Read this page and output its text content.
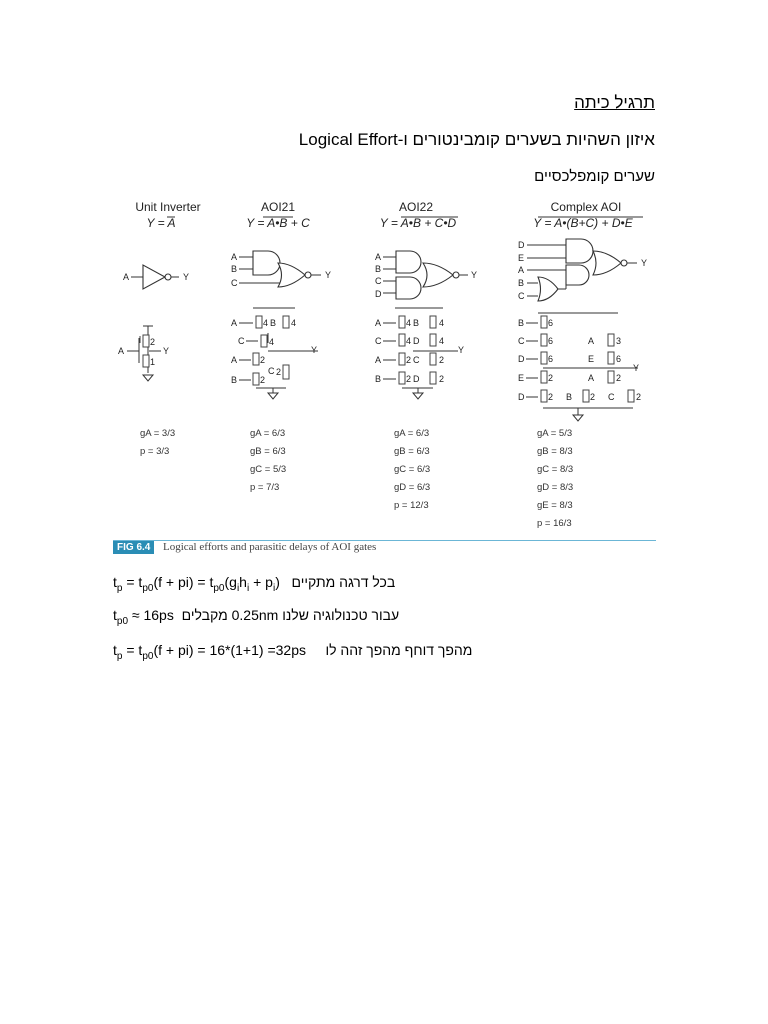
תרגיל כיתה
איזון השהיות בשערים קומבינטורים ו-Logical Effort
שערים קומפלכסיים
Unit Inverter
Y = A
AOI21
Y = A•B + C
AOI22
Y = A•B + C•D
Complex AOI
Y = A•(B+C) + D•E
A	Y
2
1
A	Y
A
B
C
Y
4
A	B 4
C	4
Y
A	2
C 2
B	2
A
B
C
D
Y
A	4 B 4
C	4 D 4
Y
A	2 C 2
B	2 D 2
D
E
A
B
C
Y
B	6
C	6	A 3
D	6	E 6
Y
E	2	A 2
D	2 B 2 C 2
gA = 3/3
p = 3/3
gA = 6/3
gB = 6/3
gC = 5/3
p = 7/3
gA = 6/3
gB = 6/3
gC = 6/3
gD = 6/3
p = 12/3
gA = 5/3
gB = 8/3
gC = 8/3
gD = 8/3
gE = 8/3
p = 16/3
FIG 6.4	Logical efforts and parasitic delays of AOI gates
$t_p = t_{p0}(f + pi) = t_{p0}(g_ih_i + p_i)$ בכל דרגה מתקיים
$t_{p0} \approx 16ps$ עבור טכנולוגיה שלנו 0.25nm מקבלים
$t_p = t_{p0}(f + pi) = 16*(1+1) =32ps$ מהפך דוחף מהפך זהה לו
